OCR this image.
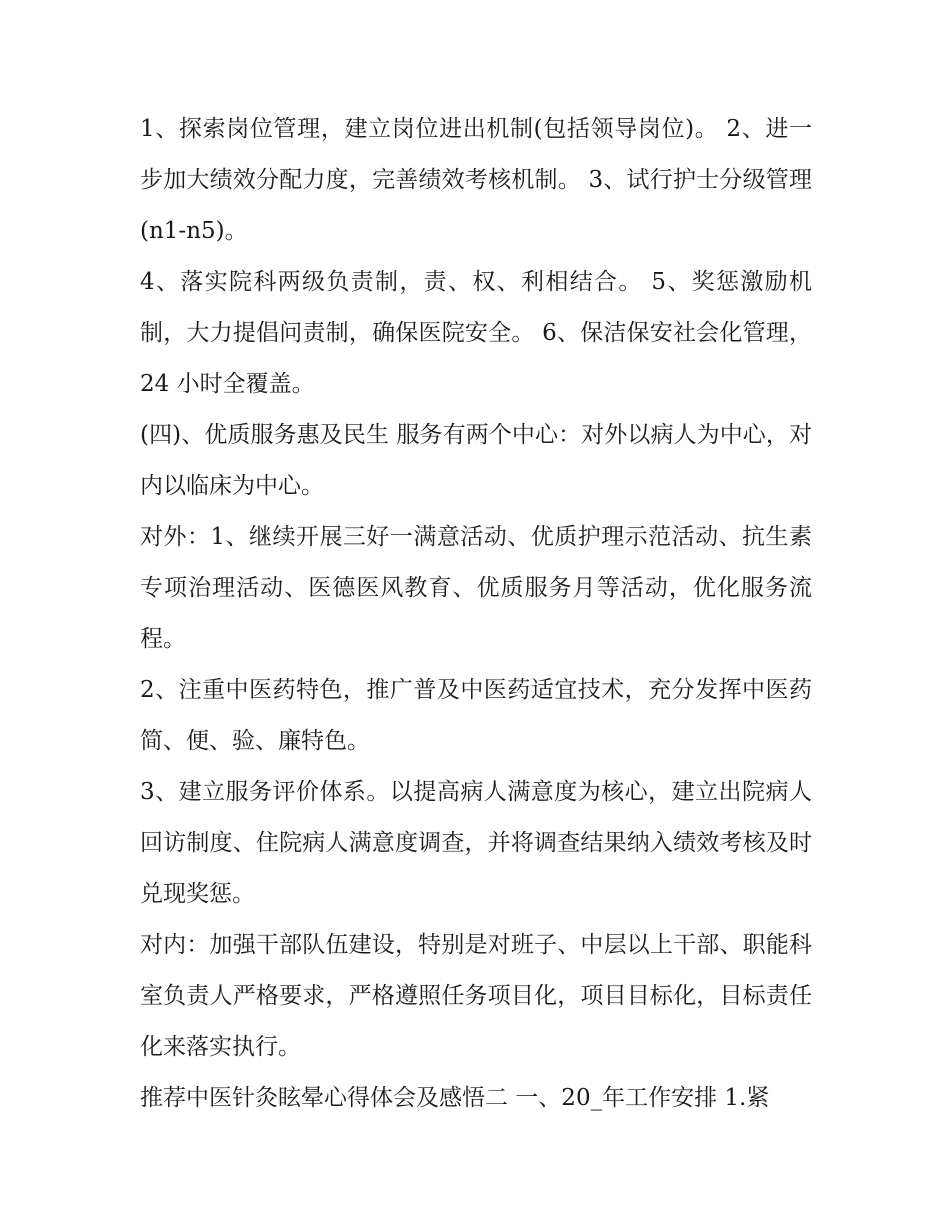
1、探索岗位管理，建立岗位进出机制(包括领导岗位)。 2、进一步加大绩效分配力度，完善绩效考核机制。 3、试行护士分级管理(n1-n5)。

4、落实院科两级负责制，责、权、利相结合。 5、奖惩激励机制，大力提倡问责制，确保医院安全。 6、保洁保安社会化管理，24 小时全覆盖。

(四)、优质服务惠及民生 服务有两个中心：对外以病人为中心，对内以临床为中心。

对外：1、继续开展三好一满意活动、优质护理示范活动、抗生素专项治理活动、医德医风教育、优质服务月等活动，优化服务流程。

2、注重中医药特色，推广普及中医药适宜技术，充分发挥中医药简、便、验、廉特色。

3、建立服务评价体系。以提高病人满意度为核心，建立出院病人回访制度、住院病人满意度调查，并将调查结果纳入绩效考核及时兑现奖惩。

对内：加强干部队伍建设，特别是对班子、中层以上干部、职能科室负责人严格要求，严格遵照任务项目化，项目目标化，目标责任化来落实执行。

推荐中医针灸眩晕心得体会及感悟二 一、20_年工作安排 1.紧
